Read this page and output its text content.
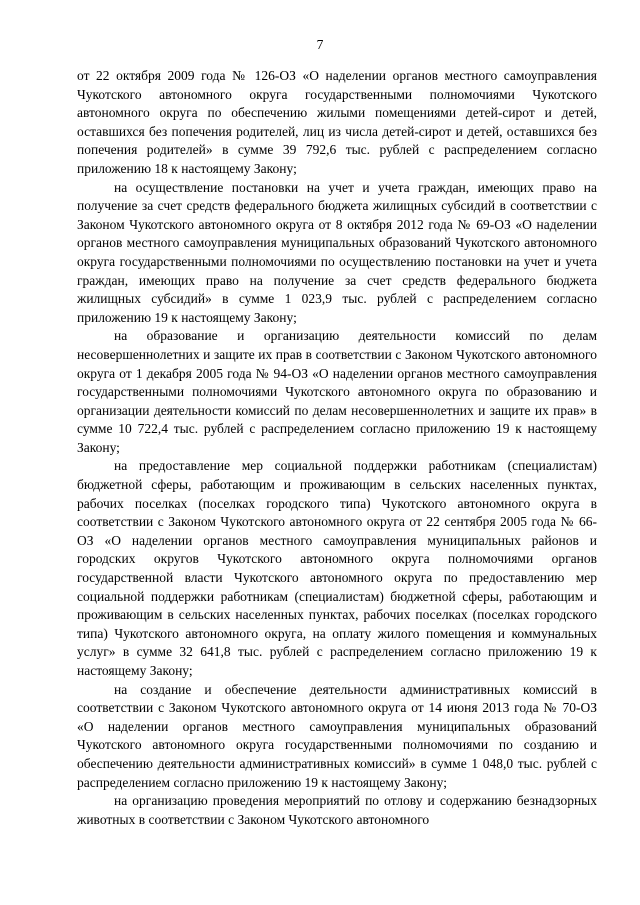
7

от 22 октября 2009 года № 126-ОЗ «О наделении органов местного самоуправления Чукотского автономного округа государственными полномочиями Чукотского автономного округа по обеспечению жилыми помещениями детей-сирот и детей, оставшихся без попечения родителей, лиц из числа детей-сирот и детей, оставшихся без попечения родителей» в сумме 39 792,6 тыс. рублей с распределением согласно приложению 18 к настоящему Закону;

на осуществление постановки на учет и учета граждан, имеющих право на получение за счет средств федерального бюджета жилищных субсидий в соответствии с Законом Чукотского автономного округа от 8 октября 2012 года № 69-ОЗ «О наделении органов местного самоуправления муниципальных образований Чукотского автономного округа государственными полномочиями по осуществлению постановки на учет и учета граждан, имеющих право на получение за счет средств федерального бюджета жилищных субсидий» в сумме 1 023,9 тыс. рублей с распределением согласно приложению 19 к настоящему Закону;

на образование и организацию деятельности комиссий по делам несовершеннолетних и защите их прав в соответствии с Законом Чукотского автономного округа от 1 декабря 2005 года № 94-ОЗ «О наделении органов местного самоуправления государственными полномочиями Чукотского автономного округа по образованию и организации деятельности комиссий по делам несовершеннолетних и защите их прав» в сумме 10 722,4 тыс. рублей с распределением согласно приложению 19 к настоящему Закону;

на предоставление мер социальной поддержки работникам (специалистам) бюджетной сферы, работающим и проживающим в сельских населенных пунктах, рабочих поселках (поселках городского типа) Чукотского автономного округа в соответствии с Законом Чукотского автономного округа от 22 сентября 2005 года № 66-ОЗ «О наделении органов местного самоуправления муниципальных районов и городских округов Чукотского автономного округа полномочиями органов государственной власти Чукотского автономного округа по предоставлению мер социальной поддержки работникам (специалистам) бюджетной сферы, работающим и проживающим в сельских населенных пунктах, рабочих поселках (поселках городского типа) Чукотского автономного округа, на оплату жилого помещения и коммунальных услуг» в сумме 32 641,8 тыс. рублей с распределением согласно приложению 19 к настоящему Закону;

на создание и обеспечение деятельности административных комиссий в соответствии с Законом Чукотского автономного округа от 14 июня 2013 года № 70-ОЗ «О наделении органов местного самоуправления муниципальных образований Чукотского автономного округа государственными полномочиями по созданию и обеспечению деятельности административных комиссий» в сумме 1 048,0 тыс. рублей с распределением согласно приложению 19 к настоящему Закону;

на организацию проведения мероприятий по отлову и содержанию безнадзорных животных в соответствии с Законом Чукотского автономного
